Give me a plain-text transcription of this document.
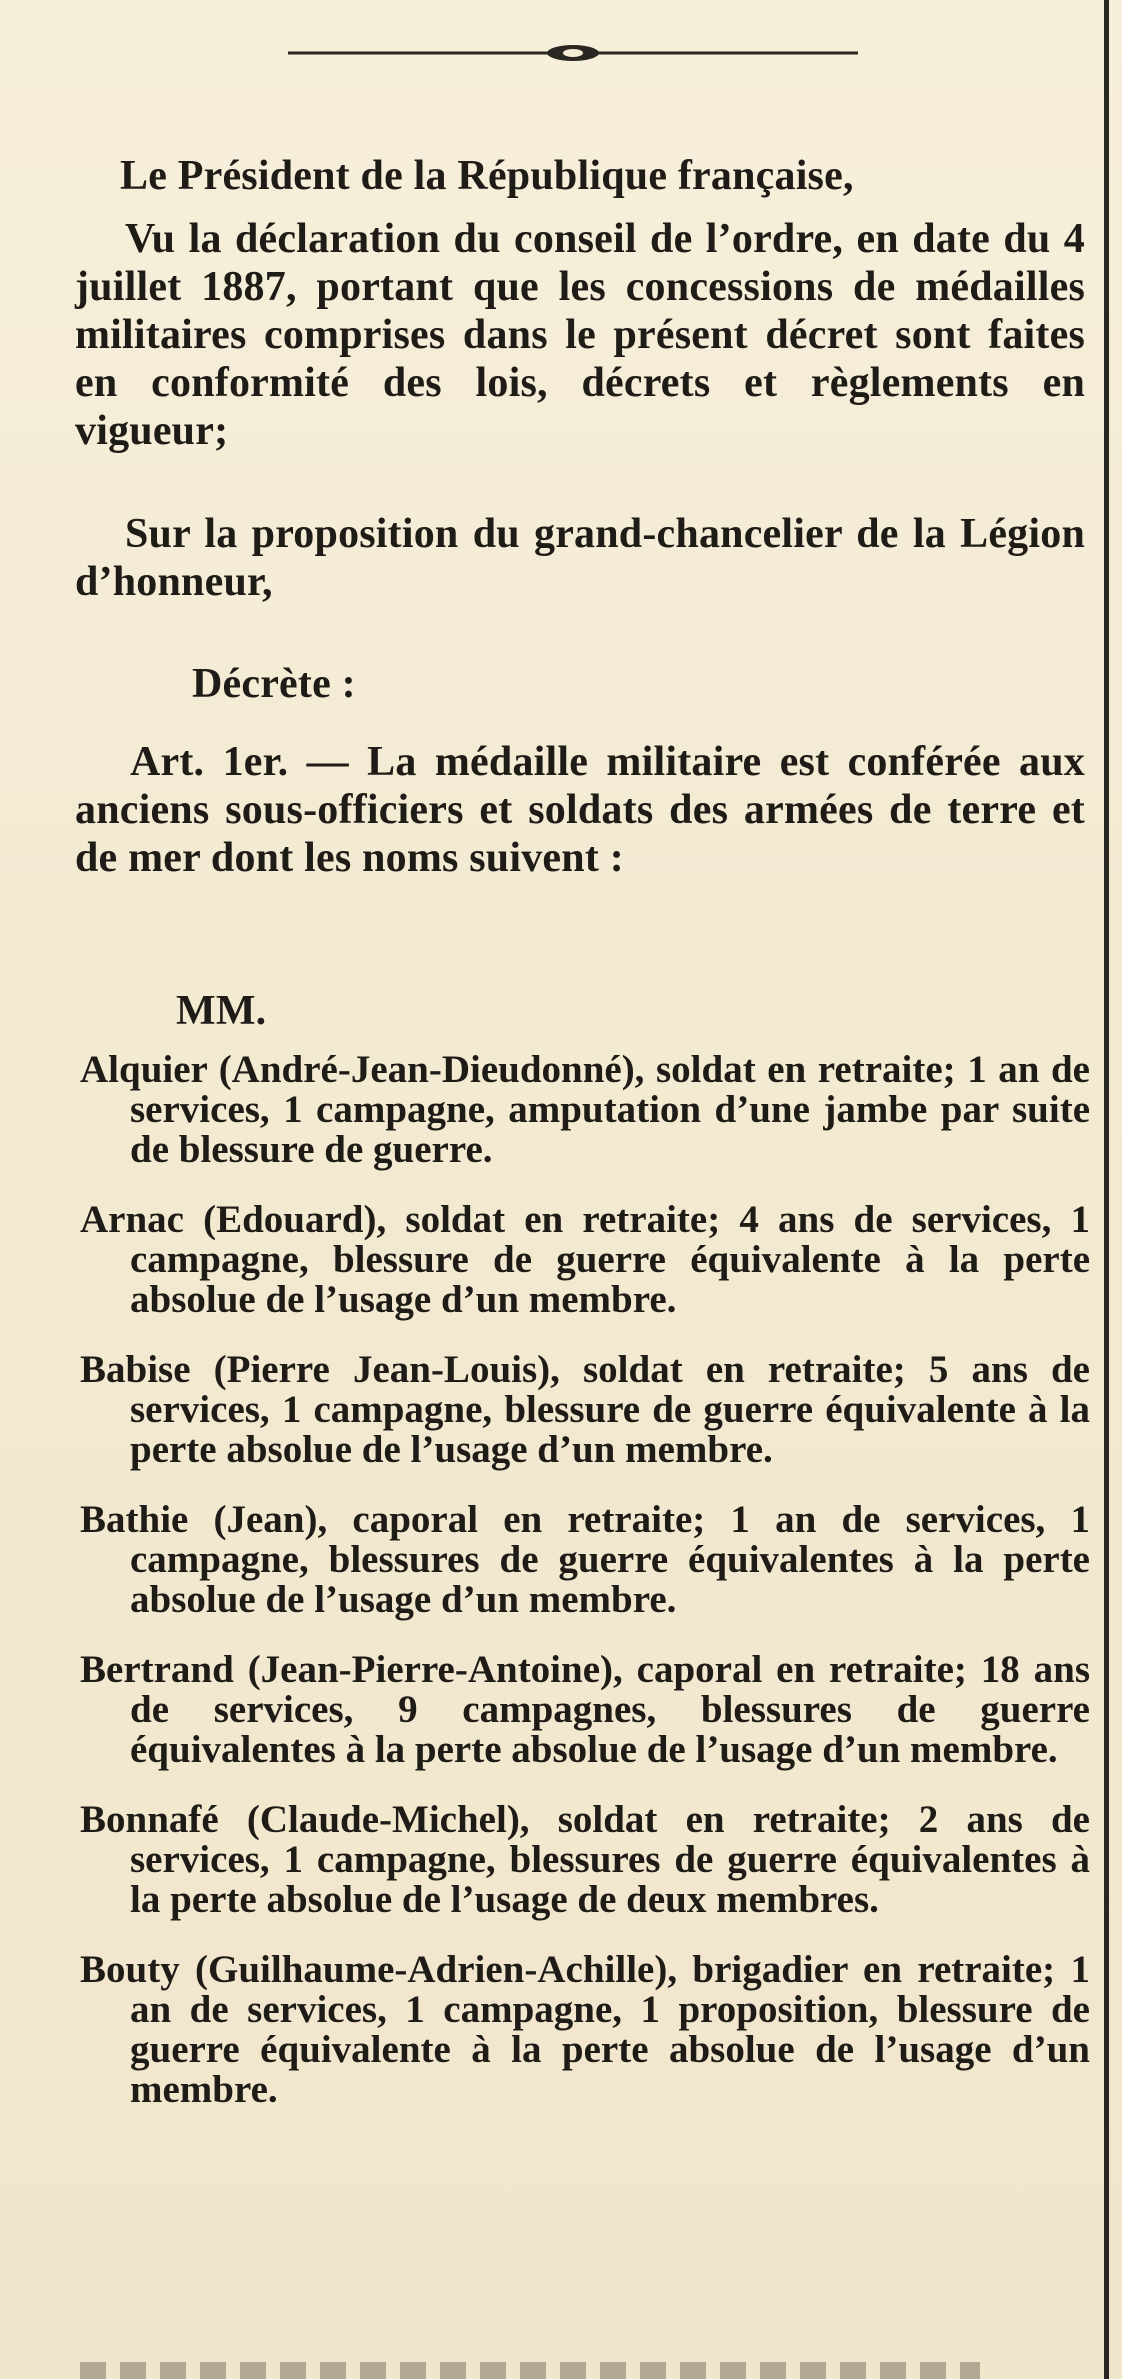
Le Président de la République française,

Vu la déclaration du conseil de l’ordre, en date du 4 juillet 1887, portant que les concessions de médailles militaires comprises dans le présent décret sont faites en conformité des lois, décrets et règlements en vigueur;

Sur la proposition du grand-chancelier de la Légion d’honneur,

Décrète :

Art. 1er. — La médaille militaire est conférée aux anciens sous-officiers et soldats des armées de terre et de mer dont les noms suivent :

MM.

Alquier (André-Jean-Dieudonné), soldat en retraite; 1 an de services, 1 campagne, amputation d’une jambe par suite de blessure de guerre.
Arnac (Edouard), soldat en retraite; 4 ans de services, 1 campagne, blessure de guerre équivalente à la perte absolue de l’usage d’un membre.
Babise (Pierre Jean-Louis), soldat en retraite; 5 ans de services, 1 campagne, blessure de guerre équivalente à la perte absolue de l’usage d’un membre.
Bathie (Jean), caporal en retraite; 1 an de services, 1 campagne, blessures de guerre équivalentes à la perte absolue de l’usage d’un membre.
Bertrand (Jean-Pierre-Antoine), caporal en retraite; 18 ans de services, 9 campagnes, blessures de guerre équivalentes à la perte absolue de l’usage d’un membre.
Bonnafé (Claude-Michel), soldat en retraite; 2 ans de services, 1 campagne, blessures de guerre équivalentes à la perte absolue de l’usage de deux membres.
Bouty (Guilhaume-Adrien-Achille), brigadier en retraite; 1 an de services, 1 campagne, 1 proposition, blessure de guerre équivalente à la perte absolue de l’usage d’un membre.
